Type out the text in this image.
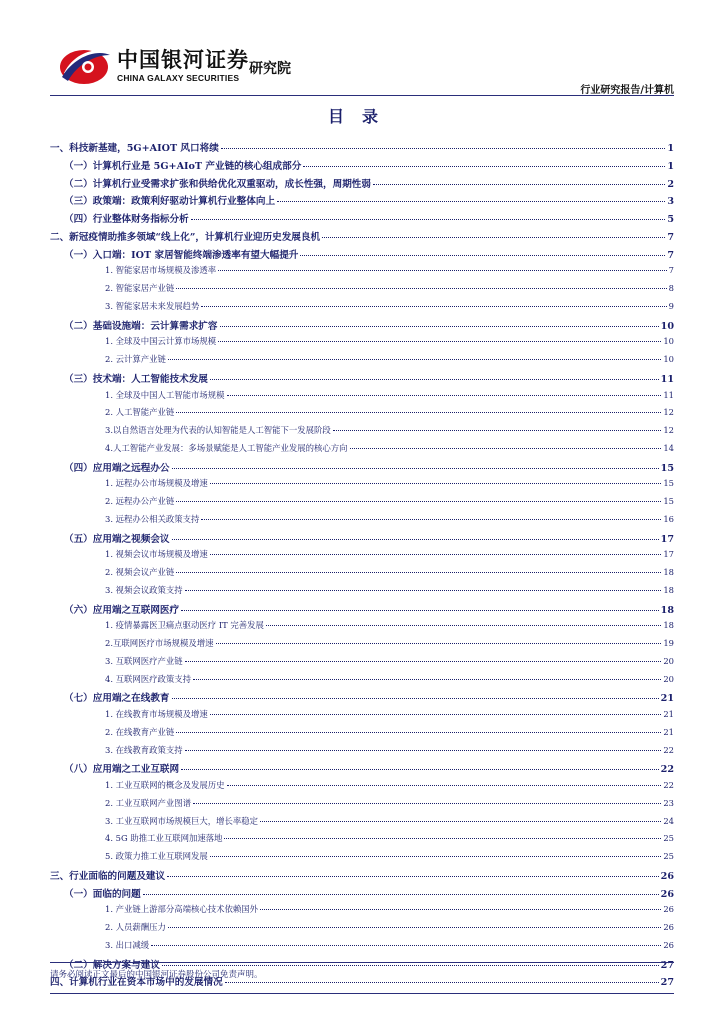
中国银河证券
CHINA GALAXY SECURITIES
研究院
行业研究报告/计算机
目录
一、科技新基建，5G+AIOT 风口将续	1
（一）计算机行业是 5G+AIoT 产业链的核心组成部分	1
（二）计算机行业受需求扩张和供给优化双重驱动，成长性强，周期性弱	2
（三）政策端：政策利好驱动计算机行业整体向上	3
（四）行业整体财务指标分析	5
二、新冠疫情助推多领域“线上化”，计算机行业迎历史发展良机	7
（一）入口端：IOT 家居智能终端渗透率有望大幅提升	7
1. 智能家居市场规模及渗透率	7
2. 智能家居产业链	8
3. 智能家居未来发展趋势	9
（二）基础设施端：云计算需求扩容	10
1. 全球及中国云计算市场规模	10
2. 云计算产业链	10
（三）技术端：人工智能技术发展	11
1. 全球及中国人工智能市场规模	11
2. 人工智能产业链	12
3.以自然语言处理为代表的认知智能是人工智能下一发展阶段	12
4.人工智能产业发展：多场景赋能是人工智能产业发展的核心方向	14
（四）应用端之远程办公	15
1. 远程办公市场规模及增速	15
2. 远程办公产业链	15
3. 远程办公相关政策支持	16
（五）应用端之视频会议	17
1. 视频会议市场规模及增速	17
2. 视频会议产业链	18
3. 视频会议政策支持	18
（六）应用端之互联网医疗	18
1. 疫情暴露医卫痛点驱动医疗 IT 完善发展	18
2.互联网医疗市场规模及增速	19
3. 互联网医疗产业链	20
4. 互联网医疗政策支持	20
（七）应用端之在线教育	21
1. 在线教育市场规模及增速	21
2. 在线教育产业链	21
3. 在线教育政策支持	22
（八）应用端之工业互联网	22
1. 工业互联网的概念及发展历史	22
2. 工业互联网产业图谱	23
3. 工业互联网市场规模巨大，增长率稳定	24
4. 5G 助推工业互联网加速落地	25
5. 政策力推工业互联网发展	25
三、行业面临的问题及建议	26
（一）面临的问题	26
1. 产业链上游部分高端核心技术依赖国外	26
2. 人员薪酬压力	26
3. 出口减缓	26
（二）解决方案与建议	27
四、计算机行业在资本市场中的发展情况	27
请务必阅读正文最后的中国银河证券股份公司免责声明。
